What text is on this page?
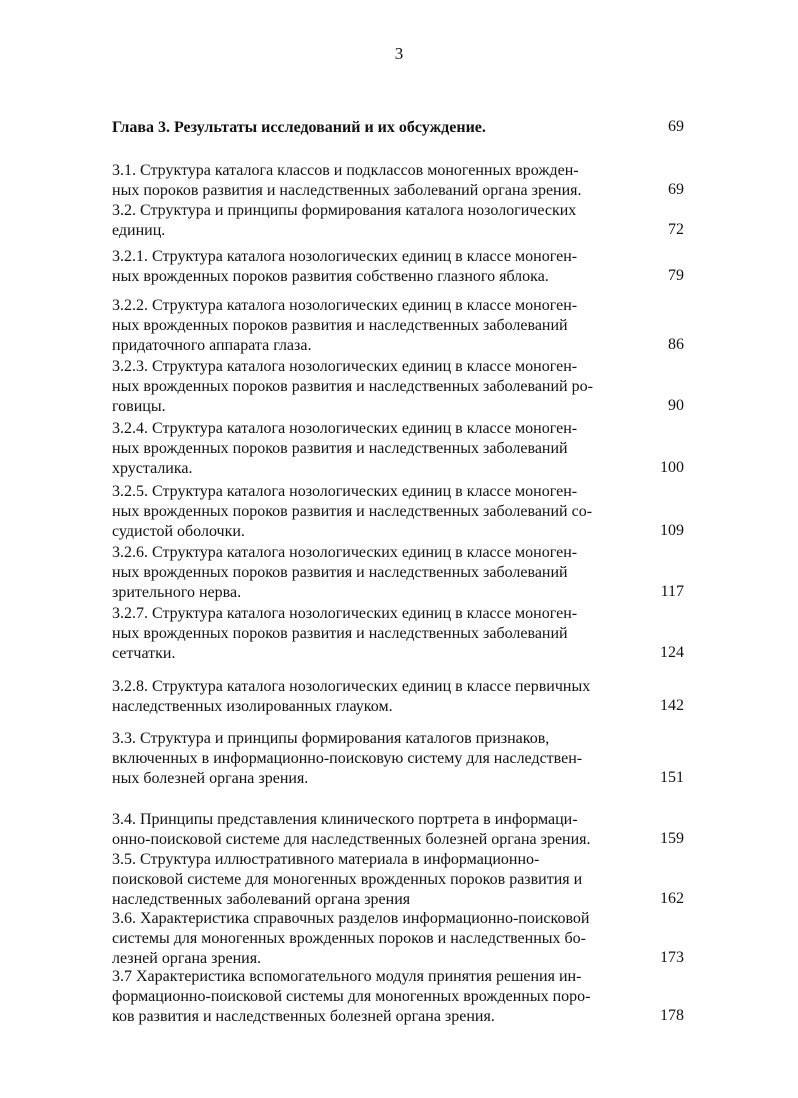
3
Глава 3. Результаты исследований и их обсуждение.	69
3.1. Структура каталога классов и подклассов моногенных врожден-
ных пороков развития и наследственных заболеваний органа зрения.	69
3.2. Структура и принципы формирования каталога нозологических
единиц.	72
3.2.1. Структура каталога нозологических единиц в классе моноген-
ных врожденных пороков развития собственно глазного яблока.	79
3.2.2. Структура каталога нозологических единиц в классе моноген-
ных врожденных пороков развития и наследственных заболеваний
придаточного аппарата глаза.	86
3.2.3. Структура каталога нозологических единиц в классе моноген-
ных врожденных пороков развития и наследственных заболеваний ро-
говицы.	90
3.2.4. Структура каталога нозологических единиц в классе моноген-
ных врожденных пороков развития и наследственных заболеваний
хрусталика.	100
3.2.5. Структура каталога нозологических единиц в классе моноген-
ных врожденных пороков развития и наследственных заболеваний со-
судистой оболочки.	109
3.2.6. Структура каталога нозологических единиц в классе моноген-
ных врожденных пороков развития и наследственных заболеваний
зрительного нерва.	117
3.2.7. Структура каталога нозологических единиц в классе моноген-
ных врожденных пороков развития и наследственных заболеваний
сетчатки.	124
3.2.8. Структура каталога нозологических единиц в классе первичных
наследственных изолированных глауком.	142
3.3. Структура и принципы формирования каталогов признаков,
включенных в информационно-поисковую систему для наследствен-
ных болезней органа зрения.	151
3.4. Принципы представления клинического портрета в информаци-
онно-поисковой системе для наследственных болезней органа зрения.	159
3.5. Структура иллюстративного материала в информационно-
поисковой системе для моногенных врожденных пороков развития и
наследственных заболеваний органа зрения	162
3.6. Характеристика справочных разделов информационно-поисковой
системы для моногенных врожденных пороков и наследственных бо-
лезней органа зрения.	173
3.7 Характеристика вспомогательного модуля принятия решения ин-
формационно-поисковой системы для моногенных врожденных поро-
ков развития и наследственных болезней органа зрения.	178
